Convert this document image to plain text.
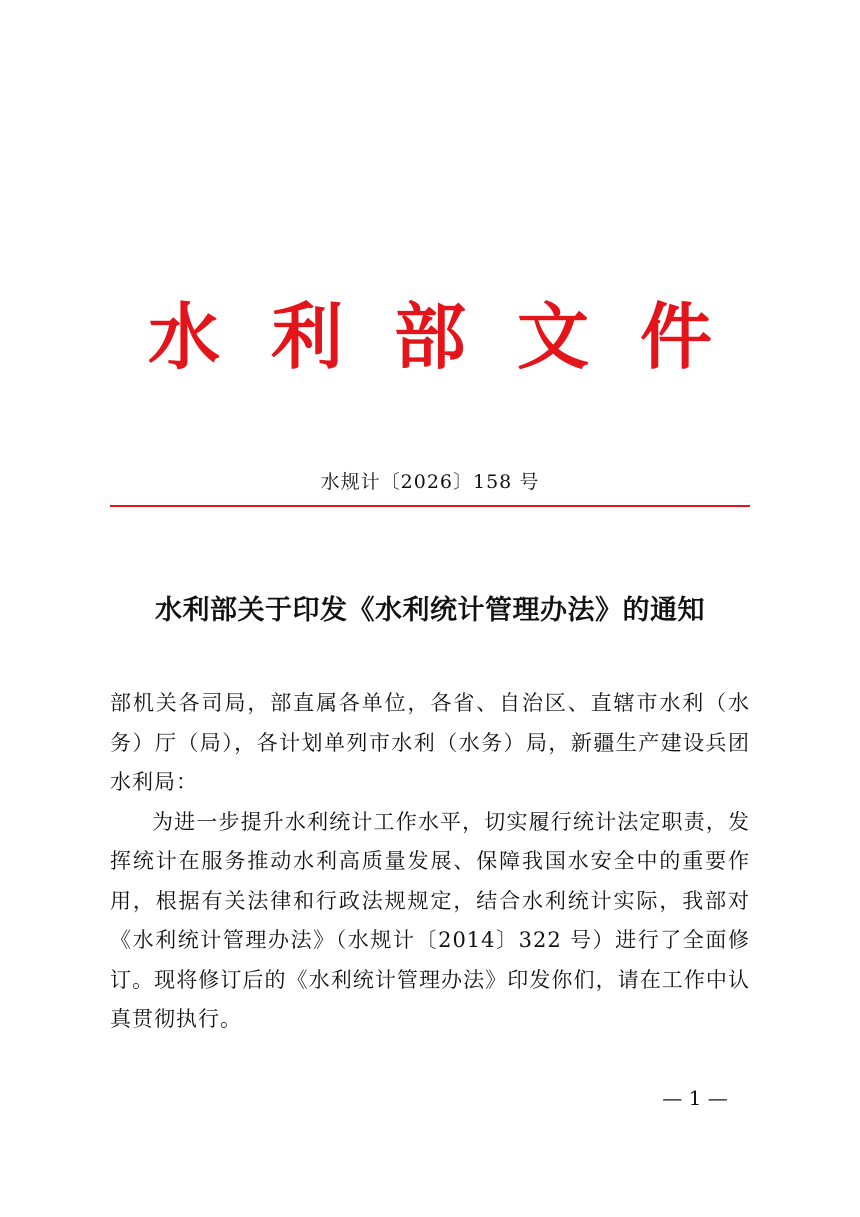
水 利 部 文 件
水规计〔2026〕158 号
水利部关于印发《水利统计管理办法》的通知

部机关各司局，部直属各单位，各省、自治区、直辖市水利（水务）厅（局），各计划单列市水利（水务）局，新疆生产建设兵团水利局：

为进一步提升水利统计工作水平，切实履行统计法定职责，发挥统计在服务推动水利高质量发展、保障我国水安全中的重要作用，根据有关法律和行政法规规定，结合水利统计实际，我部对《水利统计管理办法》（水规计〔2014〕322 号）进行了全面修订。现将修订后的《水利统计管理办法》印发你们，请在工作中认真贯彻执行。

— 1 —
